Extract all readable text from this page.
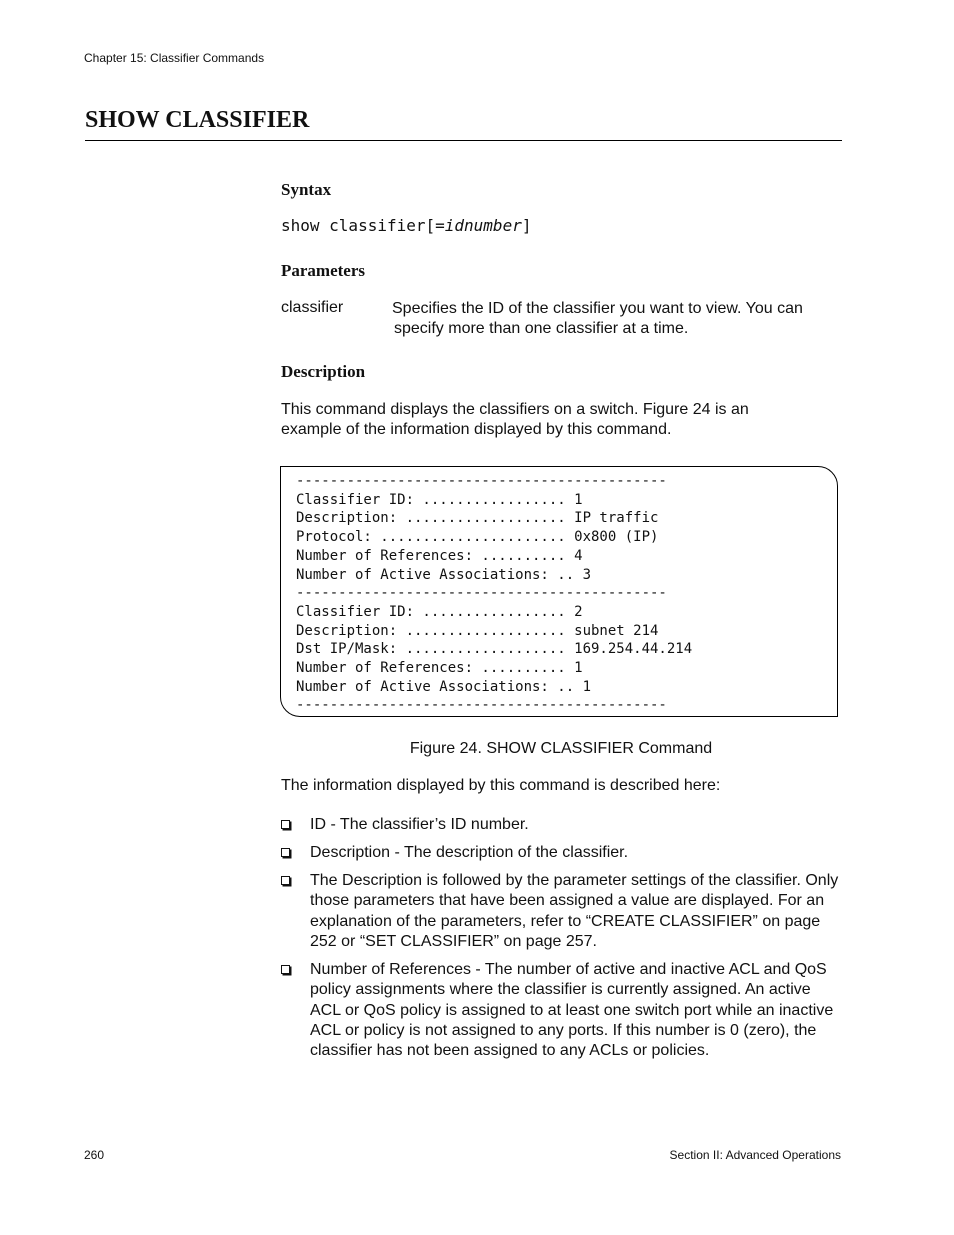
Chapter 15: Classifier Commands
SHOW CLASSIFIER
Syntax
show classifier[=idnumber]
Parameters
classifier	Specifies the ID of the classifier you want to view. You can
specify more than one classifier at a time.
Description

This command displays the classifiers on a switch. Figure 24 is an example of the information displayed by this command.

--------------------------------------------
Classifier ID: ................. 1
Description: ................... IP traffic
Protocol: ...................... 0x800 (IP)
Number of References: .......... 4
Number of Active Associations: .. 3
--------------------------------------------
Classifier ID: ................. 2
Description: ................... subnet 214
Dst IP/Mask: ................... 169.254.44.214
Number of References: .......... 1
Number of Active Associations: .. 1
--------------------------------------------
Figure 24. SHOW CLASSIFIER Command

The information displayed by this command is described here:

ID - The classifier’s ID number.
Description - The description of the classifier.
The Description is followed by the parameter settings of the classifier. Only those parameters that have been assigned a value are displayed. For an explanation of the parameters, refer to “CREATE CLASSIFIER” on page 252 or “SET CLASSIFIER” on page 257.
Number of References - The number of active and inactive ACL and QoS policy assignments where the classifier is currently assigned. An active ACL or QoS policy is assigned to at least one switch port while an inactive ACL or policy is not assigned to any ports. If this number is 0 (zero), the classifier has not been assigned to any ACLs or policies.
260	Section II: Advanced Operations
